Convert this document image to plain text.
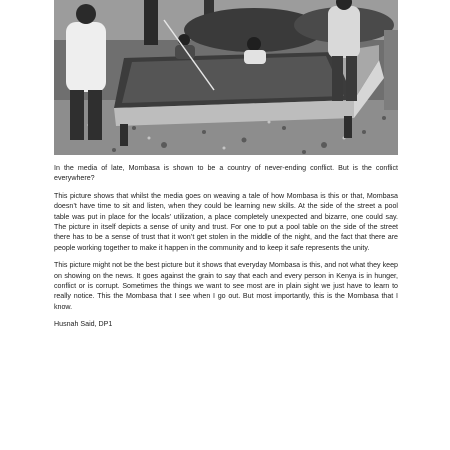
In the media of late, Mombasa is shown to be a country of never-ending conflict. But is the conflict everywhere?

This picture shows that whilst the media goes on weaving a tale of how Mombasa is this or that, Mombasa doesn’t have time to sit and listen, when they could be learning new skills. At the side of the street a pool table was put in place for the locals’ utilization, a place completely unexpected and bizarre, one could say. The picture in itself depicts a sense of unity and trust. For one to put a pool table on the side of the street there has to be a sense of trust that it won’t get stolen in the middle of the night, and the fact that there are people working together to make it happen in the community and to keep it safe represents the unity.

This picture might not be the best picture but it shows that everyday Mombasa is this, and not what they keep on showing on the news. It goes against the grain to say that each and every person in Kenya is in hunger, conflict or is corrupt. Sometimes the things we want to see most are in plain sight we just have to learn to really notice. This the Mombasa that I see when I go out. But most importantly, this is the Mombasa that I know.

Husnah Said, DP1
